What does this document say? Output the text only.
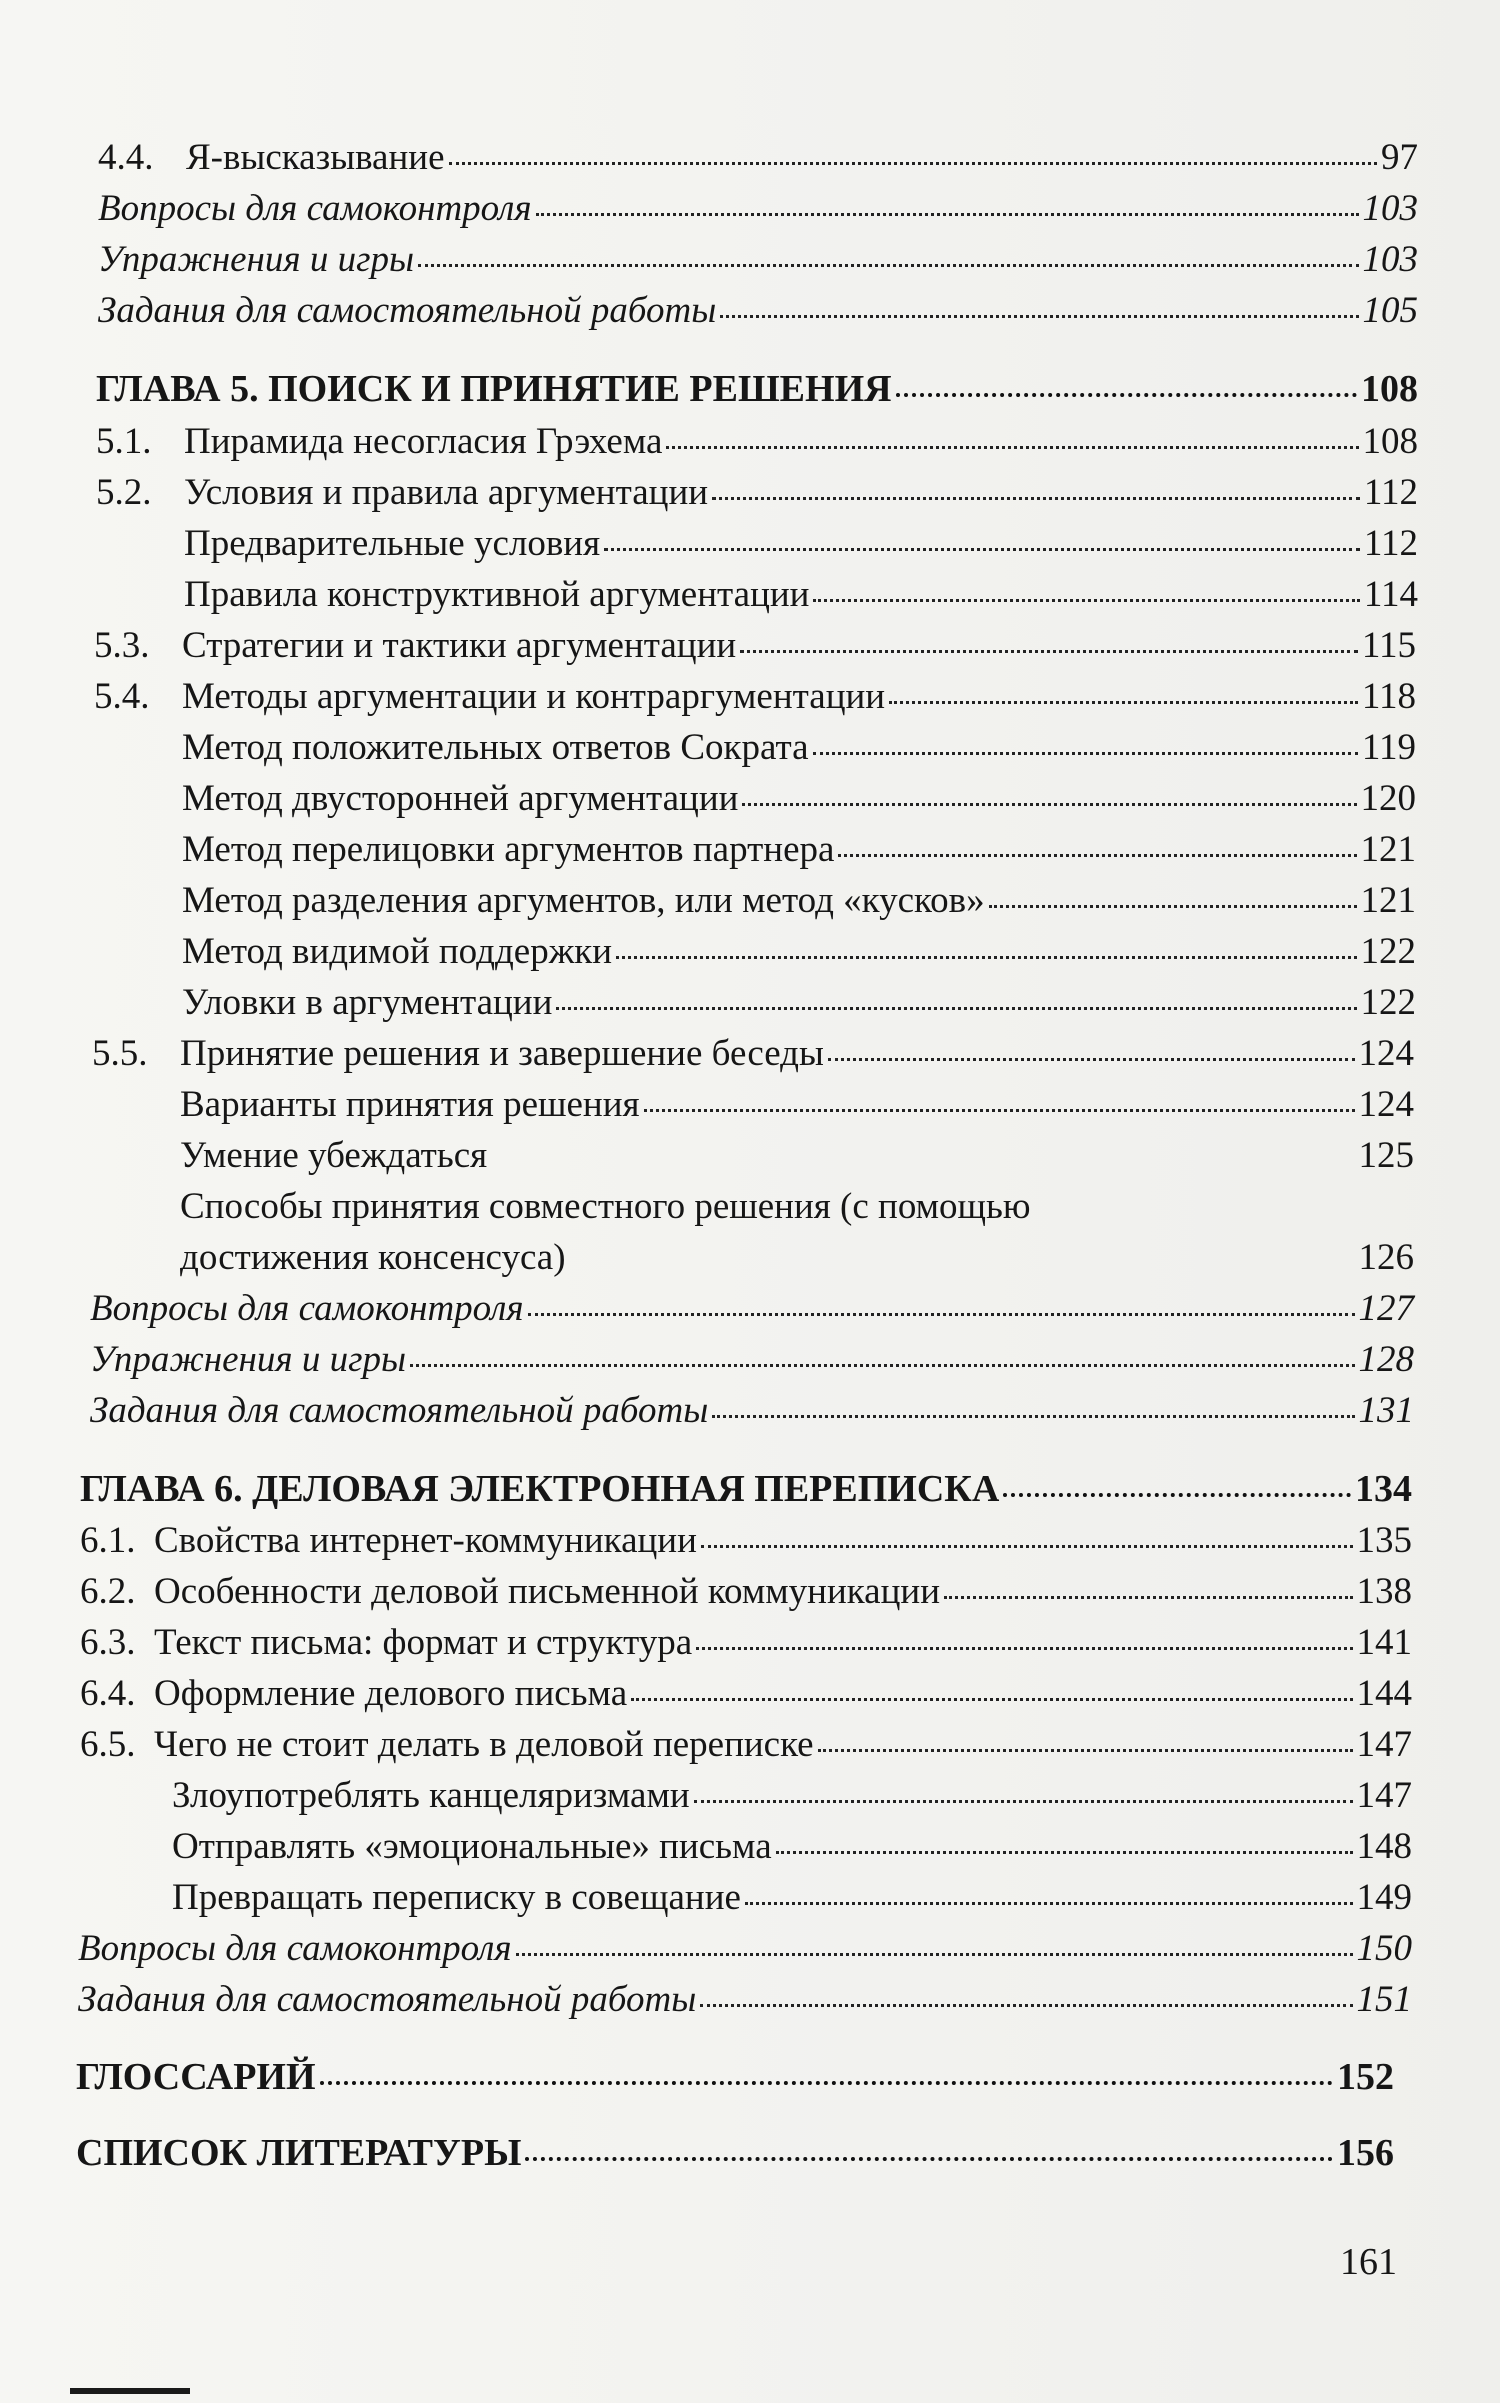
4.4. Я-высказывание	97
Вопросы для самоконтроля	103
Упражнения и игры	103
Задания для самостоятельной работы	105
ГЛАВА 5. ПОИСК И ПРИНЯТИЕ РЕШЕНИЯ	108
5.1. Пирамида несогласия Грэхема	108
5.2. Условия и правила аргументации	112
Предварительные условия	112
Правила конструктивной аргументации	114
5.3. Стратегии и тактики аргументации	115
5.4. Методы аргументации и контраргументации	118
Метод положительных ответов Сократа	119
Метод двусторонней аргументации	120
Метод перелицовки аргументов партнера	121
Метод разделения аргументов, или метод «кусков»	121
Метод видимой поддержки	122
Уловки в аргументации	122
5.5. Принятие решения и завершение беседы	124
Варианты принятия решения	124
Умение убеждаться	125
Способы принятия совместного решения (с помощью
достижения консенсуса)	126
Вопросы для самоконтроля	127
Упражнения и игры	128
Задания для самостоятельной работы	131
ГЛАВА 6. ДЕЛОВАЯ ЭЛЕКТРОННАЯ ПЕРЕПИСКА	134
6.1. Свойства интернет-коммуникации	135
6.2. Особенности деловой письменной коммуникации	138
6.3. Текст письма: формат и структура	141
6.4. Оформление делового письма	144
6.5. Чего не стоит делать в деловой переписке	147
Злоупотреблять канцеляризмами	147
Отправлять «эмоциональные» письма	148
Превращать переписку в совещание	149
Вопросы для самоконтроля	150
Задания для самостоятельной работы	151
ГЛОССАРИЙ	152
СПИСОК ЛИТЕРАТУРЫ	156
161
